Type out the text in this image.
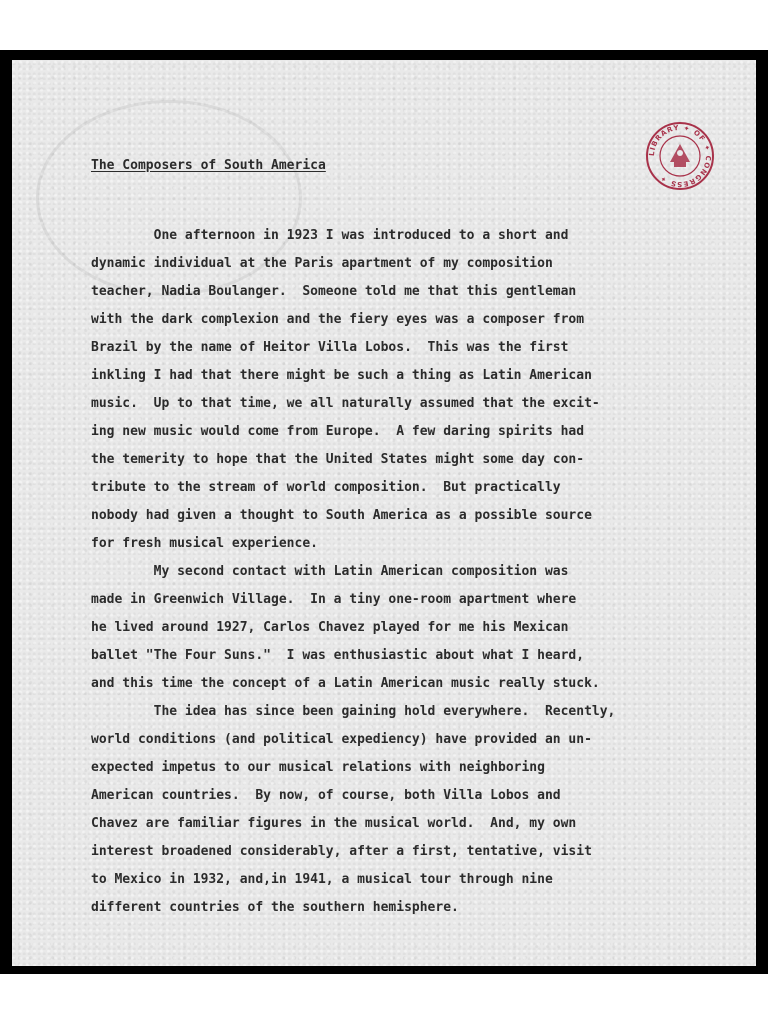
LIBRARY ✦ OF ✦ CONGRESS ✦
The Composers of South America
One afternoon in 1923 I was introduced to a short and
dynamic individual at the Paris apartment of my composition
teacher, Nadia Boulanger.  Someone told me that this gentleman
with the dark complexion and the fiery eyes was a composer from
Brazil by the name of Heitor Villa Lobos.  This was the first
inkling I had that there might be such a thing as Latin American
music.  Up to that time, we all naturally assumed that the excit-
ing new music would come from Europe.  A few daring spirits had
the temerity to hope that the United States might some day con-
tribute to the stream of world composition.  But practically
nobody had given a thought to South America as a possible source
for fresh musical experience.
My second contact with Latin American composition was
made in Greenwich Village.  In a tiny one-room apartment where
he lived around 1927, Carlos Chavez played for me his Mexican
ballet "The Four Suns."  I was enthusiastic about what I heard,
and this time the concept of a Latin American music really stuck.
The idea has since been gaining hold everywhere.  Recently,
world conditions (and political expediency) have provided an un-
expected impetus to our musical relations with neighboring
American countries.  By now, of course, both Villa Lobos and
Chavez are familiar figures in the musical world.  And, my own
interest broadened considerably, after a first, tentative, visit
to Mexico in 1932, and,in 1941, a musical tour through nine
different countries of the southern hemisphere.
